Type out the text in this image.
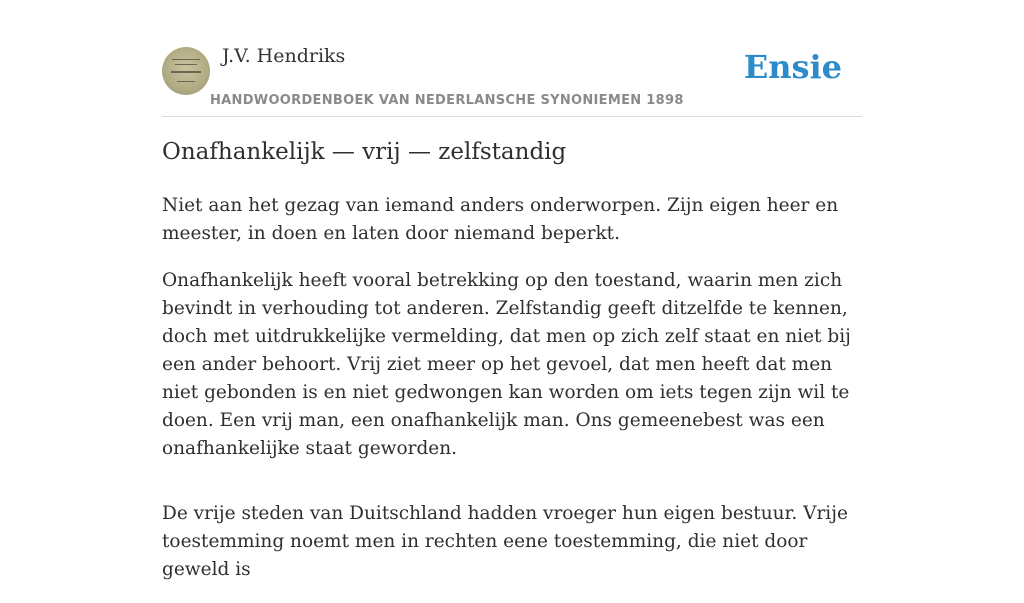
J.V. Hendriks
HANDWOORDENBOEK VAN NEDERLANSCHE SYNONIEMEN 1898
Ensie
Onafhankelijk — vrij — zelfstandig

Niet aan het gezag van iemand anders onderworpen. Zijn eigen heer en meester, in doen en laten door niemand beperkt.

Onafhankelijk heeft vooral betrekking op den toestand, waarin men zich bevindt in verhouding tot anderen. Zelfstandig geeft ditzelfde te kennen, doch met uitdrukkelijke vermelding, dat men op zich zelf staat en niet bij een ander behoort. Vrij ziet meer op het gevoel, dat men heeft dat men niet gebonden is en niet gedwongen kan worden om iets tegen zijn wil te doen. Een vrij man, een onafhankelijk man. Ons gemeenebest was een onafhankelijke staat geworden.

De vrije steden van Duitschland hadden vroeger hun eigen bestuur. Vrije toestemming noemt men in rechten eene toestemming, die niet door geweld is
